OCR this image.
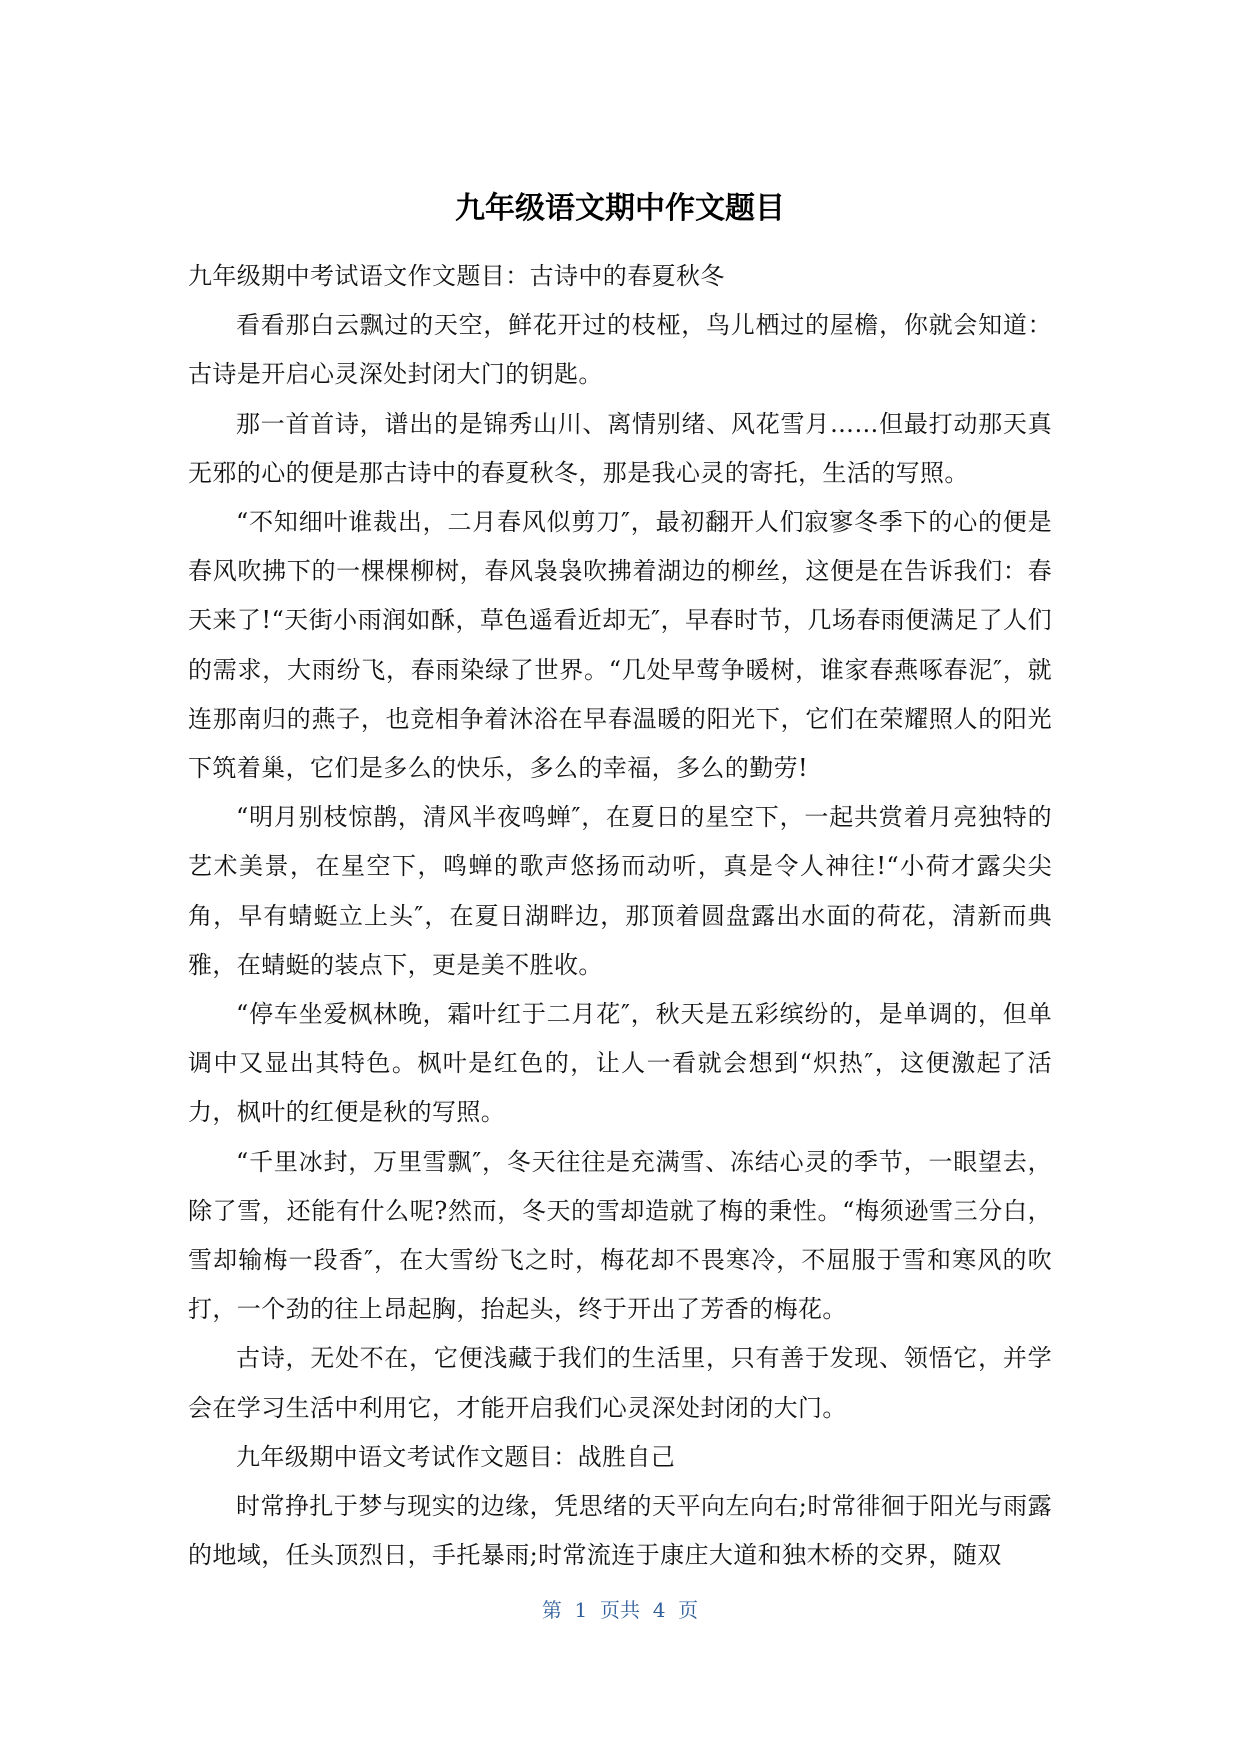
九年级语文期中作文题目

九年级期中考试语文作文题目：古诗中的春夏秋冬

看看那白云飘过的天空，鲜花开过的枝桠，鸟儿栖过的屋檐，你就会知道：古诗是开启心灵深处封闭大门的钥匙。

那一首首诗，谱出的是锦秀山川、离情别绪、风花雪月……但最打动那天真无邪的心的便是那古诗中的春夏秋冬，那是我心灵的寄托，生活的写照。

“不知细叶谁裁出，二月春风似剪刀″，最初翻开人们寂寥冬季下的心的便是春风吹拂下的一棵棵柳树，春风袅袅吹拂着湖边的柳丝，这便是在告诉我们：春天来了!“天街小雨润如酥，草色遥看近却无″，早春时节，几场春雨便满足了人们的需求，大雨纷飞，春雨染绿了世界。“几处早莺争暖树，谁家春燕啄春泥″，就连那南归的燕子，也竞相争着沐浴在早春温暖的阳光下，它们在荣耀照人的阳光下筑着巢，它们是多么的快乐，多么的幸福，多么的勤劳!

“明月别枝惊鹊，清风半夜鸣蝉″，在夏日的星空下，一起共赏着月亮独特的艺术美景，在星空下，鸣蝉的歌声悠扬而动听，真是令人神往!“小荷才露尖尖角，早有蜻蜓立上头″，在夏日湖畔边，那顶着圆盘露出水面的荷花，清新而典雅，在蜻蜓的装点下，更是美不胜收。

“停车坐爱枫林晚，霜叶红于二月花″，秋天是五彩缤纷的，是单调的，但单调中又显出其特色。枫叶是红色的，让人一看就会想到“炽热″，这便激起了活力，枫叶的红便是秋的写照。

“千里冰封，万里雪飘″，冬天往往是充满雪、冻结心灵的季节，一眼望去，除了雪，还能有什么呢?然而，冬天的雪却造就了梅的秉性。“梅须逊雪三分白，雪却输梅一段香″，在大雪纷飞之时，梅花却不畏寒冷，不屈服于雪和寒风的吹打，一个劲的往上昂起胸，抬起头，终于开出了芳香的梅花。

古诗，无处不在，它便浅藏于我们的生活里，只有善于发现、领悟它，并学会在学习生活中利用它，才能开启我们心灵深处封闭的大门。

九年级期中语文考试作文题目：战胜自己

时常挣扎于梦与现实的边缘，凭思绪的天平向左向右;时常徘徊于阳光与雨露的地域，任头顶烈日，手托暴雨;时常流连于康庄大道和独木桥的交界，随双

第  1  页共  4  页
